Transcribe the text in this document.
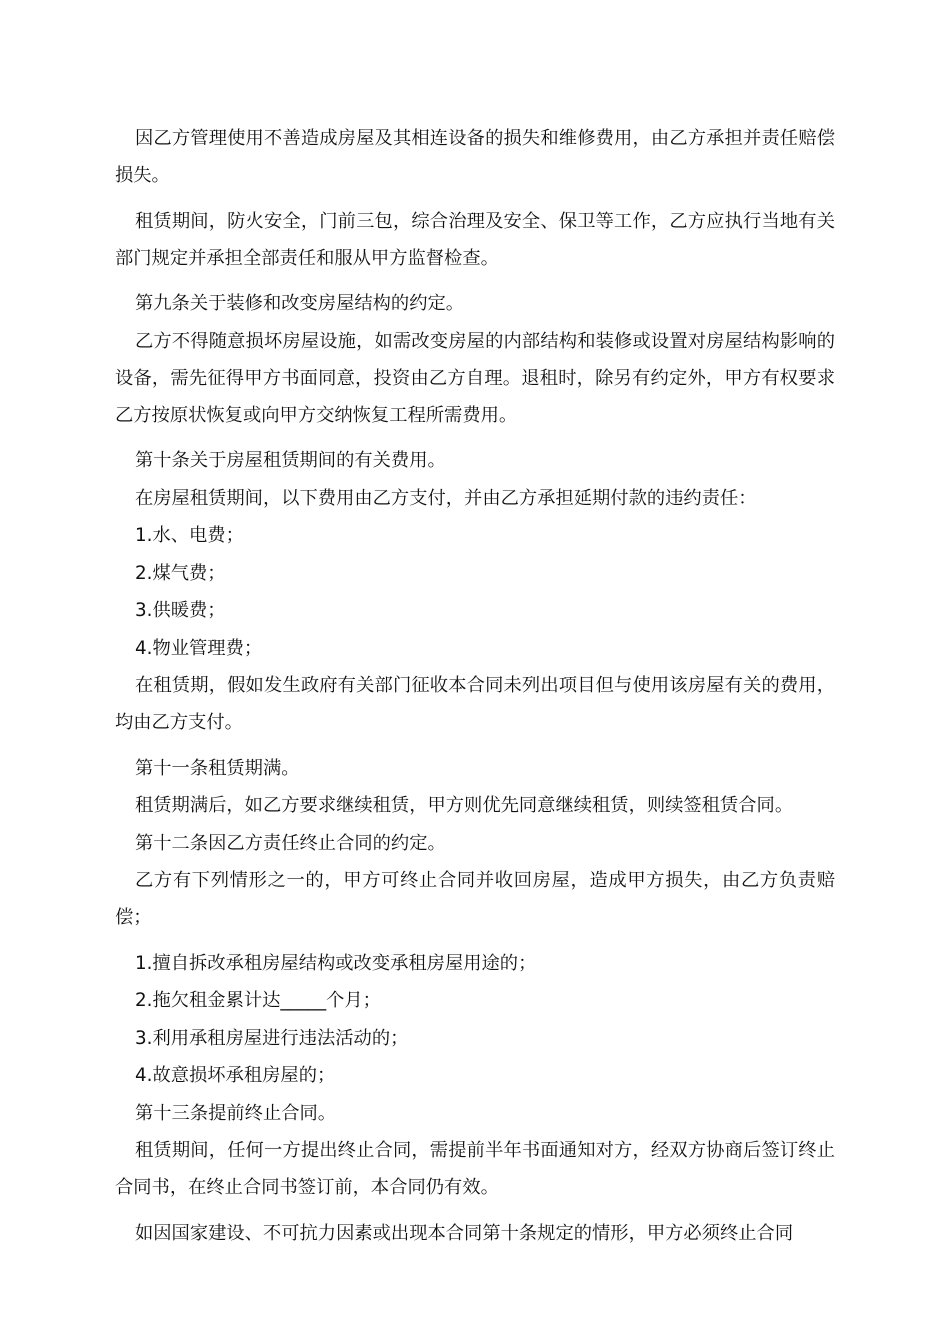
因乙方管理使用不善造成房屋及其相连设备的损失和维修费用，由乙方承担并责任赔偿损失。

租赁期间，防火安全，门前三包，综合治理及安全、保卫等工作，乙方应执行当地有关部门规定并承担全部责任和服从甲方监督检查。

第九条关于装修和改变房屋结构的约定。

乙方不得随意损坏房屋设施，如需改变房屋的内部结构和装修或设置对房屋结构影响的设备，需先征得甲方书面同意，投资由乙方自理。退租时，除另有约定外，甲方有权要求乙方按原状恢复或向甲方交纳恢复工程所需费用。

第十条关于房屋租赁期间的有关费用。

在房屋租赁期间，以下费用由乙方支付，并由乙方承担延期付款的违约责任：

1.水、电费；

2.煤气费；

3.供暖费；

4.物业管理费；

在租赁期，假如发生政府有关部门征收本合同未列出项目但与使用该房屋有关的费用，均由乙方支付。

第十一条租赁期满。

租赁期满后，如乙方要求继续租赁，甲方则优先同意继续租赁，则续签租赁合同。

第十二条因乙方责任终止合同的约定。

乙方有下列情形之一的，甲方可终止合同并收回房屋，造成甲方损失，由乙方负责赔偿；

1.擅自拆改承租房屋结构或改变承租房屋用途的；

2.拖欠租金累计达_____个月；

3.利用承租房屋进行违法活动的；

4.故意损坏承租房屋的；

第十三条提前终止合同。

租赁期间，任何一方提出终止合同，需提前半年书面通知对方，经双方协商后签订终止合同书，在终止合同书签订前，本合同仍有效。

如因国家建设、不可抗力因素或出现本合同第十条规定的情形，甲方必须终止合同
